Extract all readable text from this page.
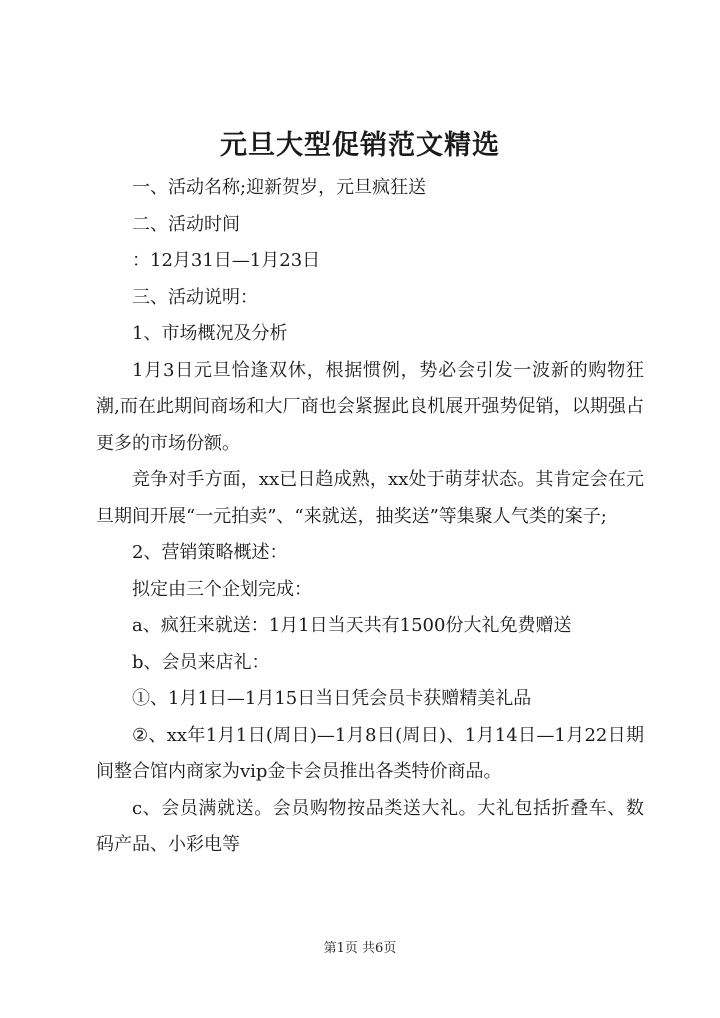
元旦大型促销范文精选

一、活动名称;迎新贺岁，元旦疯狂送

二、活动时间

：12月31日—1月23日

三、活动说明：

1、市场概况及分析

1月3日元旦恰逢双休，根据惯例，势必会引发一波新的购物狂潮,而在此期间商场和大厂商也会紧握此良机展开强势促销，以期强占更多的市场份额。

竞争对手方面，xx已日趋成熟，xx处于萌芽状态。其肯定会在元旦期间开展“一元拍卖”、“来就送，抽奖送”等集聚人气类的案子;

2、营销策略概述：

拟定由三个企划完成：

a、疯狂来就送：1月1日当天共有1500份大礼免费赠送

b、会员来店礼：

①、1月1日—1月15日当日凭会员卡获赠精美礼品

②、xx年1月1日(周日)—1月8日(周日)、1月14日—1月22日期间整合馆内商家为vip金卡会员推出各类特价商品。

c、会员满就送。会员购物按品类送大礼。大礼包括折叠车、数码产品、小彩电等

第1页 共6页
